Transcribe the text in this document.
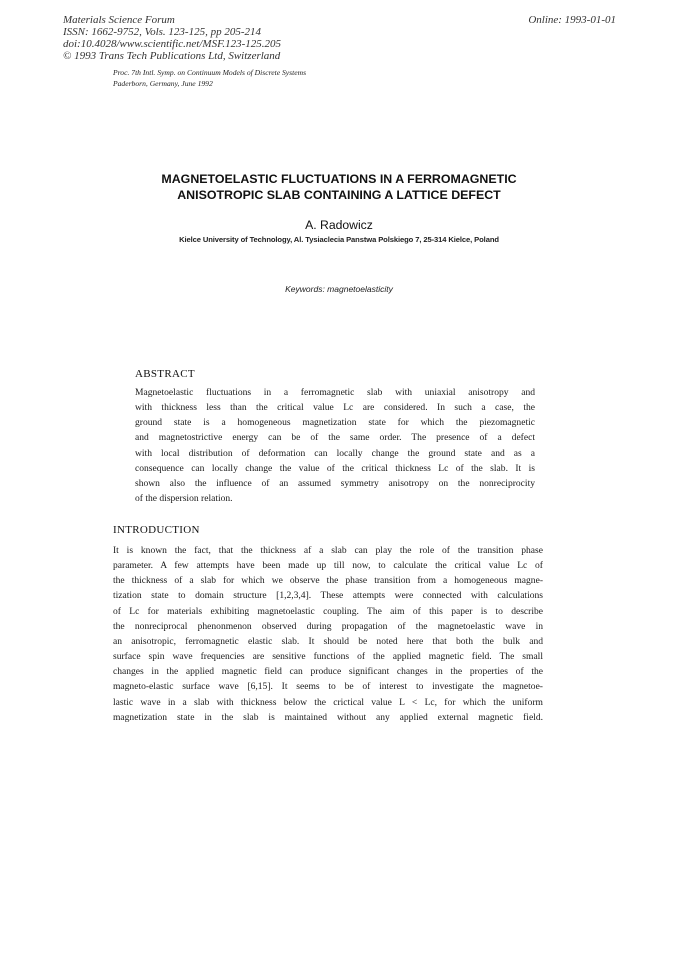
Materials Science Forum
ISSN: 1662-9752, Vols. 123-125, pp 205-214
doi:10.4028/www.scientific.net/MSF.123-125.205
© 1993 Trans Tech Publications Ltd, Switzerland
Online: 1993-01-01
Proc. 7th Intl. Symp. on Continuum Models of Discrete Systems
Paderborn, Germany, June 1992
MAGNETOELASTIC FLUCTUATIONS IN A FERROMAGNETIC
ANISOTROPIC SLAB CONTAINING A LATTICE DEFECT
A. Radowicz
Kielce University of Technology, Al. Tysiaclecia Panstwa Polskiego 7, 25-314 Kielce, Poland
Keywords: magnetoelasticity
ABSTRACT
Magnetoelastic fluctuations in a ferromagnetic slab with uniaxial anisotropy and
with thickness less than the critical value Lc are considered. In such a case, the
ground state is a homogeneous magnetization state for which the piezomagnetic
and magnetostrictive energy can be of the same order. The presence of a defect
with local distribution of deformation can locally change the ground state and as a
consequence can locally change the value of the critical thickness Lc of the slab. It is
shown also the influence of an assumed symmetry anisotropy on the nonreciprocity
of the dispersion relation.
INTRODUCTION
It is known the fact, that the thickness af a slab can play the role of the transition phase
parameter. A few attempts have been made up till now, to calculate the critical value Lc of
the thickness of a slab for which we observe the phase transition from a homogeneous magne-
tization state to domain structure [1,2,3,4]. These attempts were connected with calculations
of Lc for materials exhibiting magnetoelastic coupling. The aim of this paper is to describe
the nonreciprocal phenonmenon observed during propagation of the magnetoelastic wave in
an anisotropic, ferromagnetic elastic slab. It should be noted here that both the bulk and
surface spin wave frequencies are sensitive functions of the applied magnetic field. The small
changes in the applied magnetic field can produce significant changes in the properties of the
magneto-elastic surface wave [6,15]. It seems to be of interest to investigate the magnetoe-
lastic wave in a slab with thickness below the crictical value L < Lc, for which the uniform
magnetization state in the slab is maintained without any applied external magnetic field.
